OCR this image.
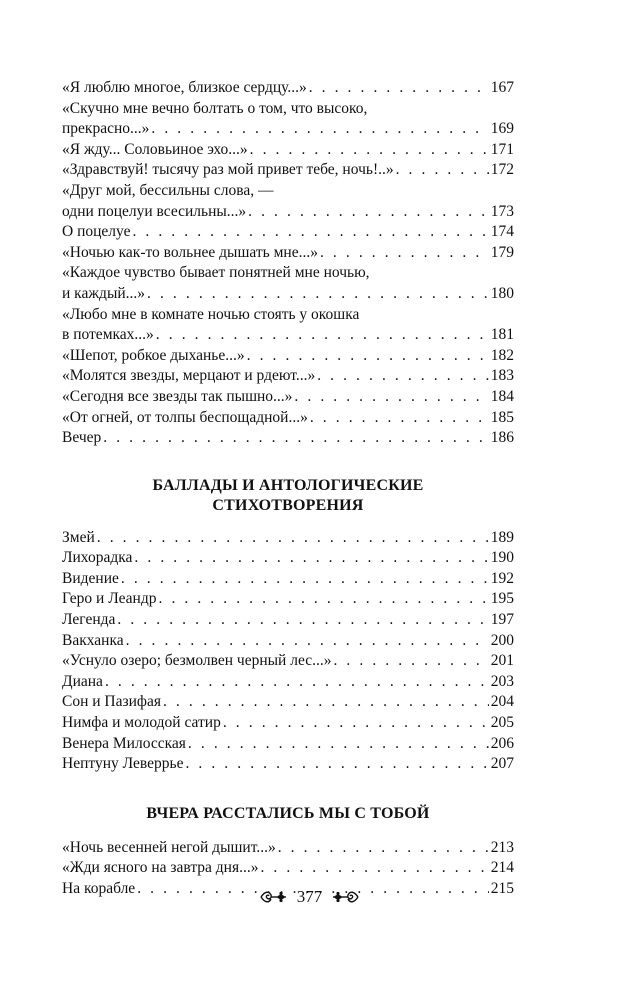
«Я люблю многое, близкое сердцу...» . . .	167
«Скучно мне вечно болтать о том, что высоко,
прекрасно...» . . .	169
«Я жду... Соловьиное эхо...» . . .	171
«Здравствуй! тысячу раз мой привет тебе, ночь!..» . . .	172
«Друг мой, бессильны слова, —
одни поцелуи всесильны...» . . .	173
О поцелуе . . .	174
«Ночью как-то вольнее дышать мне...» . . .	179
«Каждое чувство бывает понятней мне ночью,
и каждый...» . . .	180
«Любо мне в комнате ночью стоять у окошка
в потемках...» . . .	181
«Шепот, робкое дыханье...» . . .	182
«Молятся звезды, мерцают и рдеют...» . . .	183
«Сегодня все звезды так пышно...» . . .	184
«От огней, от толпы беспощадной...» . . .	185
Вечер . . .	186
БАЛЛАДЫ И АНТОЛОГИЧЕСКИЕ
СТИХОТВОРЕНИЯ
Змей . . .	189
Лихорадка . . .	190
Видение . . .	192
Геро и Леандр . . .	195
Легенда . . .	197
Вакханка . . .	200
«Уснуло озеро; безмолвен черный лес...» . . .	201
Диана . . .	203
Сон и Пазифая . . .	204
Нимфа и молодой сатир . . .	205
Венера Милосская . . .	206
Нептуну Леверрье . . .	207
ВЧЕРА РАССТАЛИСЬ МЫ С ТОБОЙ
«Ночь весенней негой дышит...» . . .	213
«Жди ясного на завтра дня...» . . .	214
На корабле . . .	215
377
